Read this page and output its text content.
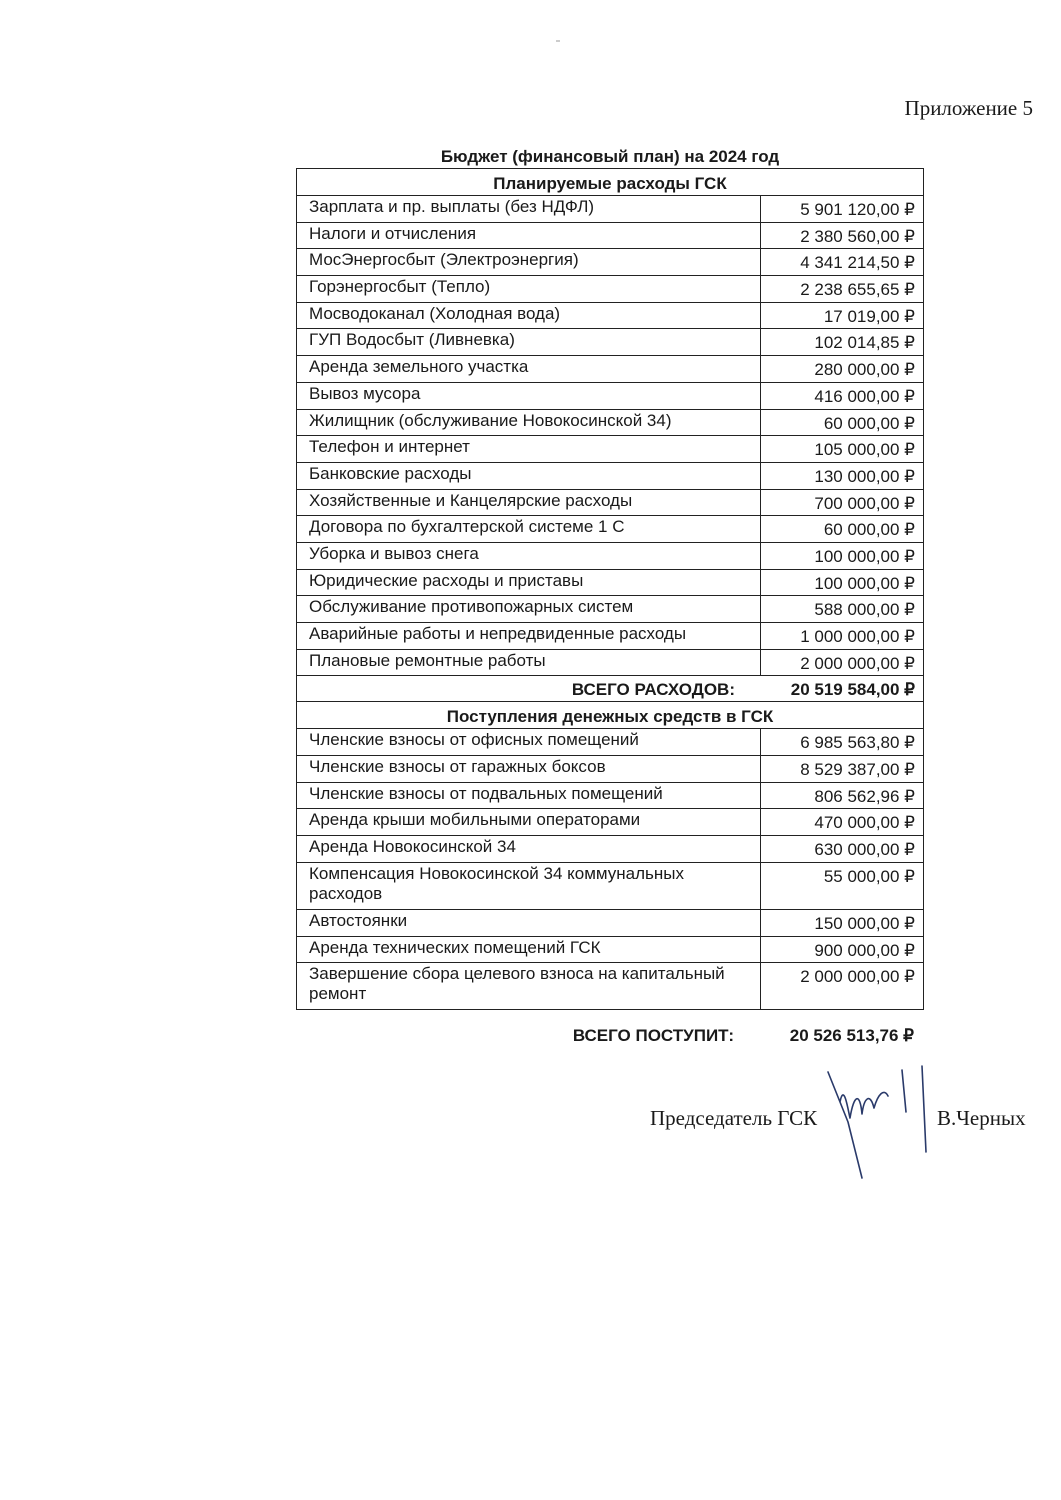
Приложение 5
Бюджет (финансовый план) на 2024 год
Планируемые расходы ГСК
Зарплата и пр. выплаты (без НДФЛ)	5 901 120,00 ₽
Налоги и отчисления	2 380 560,00 ₽
МосЭнергосбыт (Электроэнергия)	4 341 214,50 ₽
Горэнергосбыт (Тепло)	2 238 655,65 ₽
Мосводоканал (Холодная вода)	17 019,00 ₽
ГУП Водосбыт (Ливневка)	102 014,85 ₽
Аренда земельного участка	280 000,00 ₽
Вывоз мусора	416 000,00 ₽
Жилищник (обслуживание Новокосинской 34)	60 000,00 ₽
Телефон и интернет	105 000,00 ₽
Банковские расходы	130 000,00 ₽
Хозяйственные и Канцелярские расходы	700 000,00 ₽
Договора по бухгалтерской системе 1 С	60 000,00 ₽
Уборка и вывоз снега	100 000,00 ₽
Юридические расходы и приставы	100 000,00 ₽
Обслуживание противопожарных систем	588 000,00 ₽
Аварийные работы и непредвиденные расходы	1 000 000,00 ₽
Плановые ремонтные работы	2 000 000,00 ₽
ВСЕГО РАСХОДОВ:	20 519 584,00 ₽
Поступления денежных средств в ГСК
Членские взносы от офисных помещений	6 985 563,80 ₽
Членские взносы от гаражных боксов	8 529 387,00 ₽
Членские взносы от подвальных помещений	806 562,96 ₽
Аренда крыши мобильными операторами	470 000,00 ₽
Аренда Новокосинской 34	630 000,00 ₽
Компенсация Новокосинской 34 коммунальных расходов
55 000,00 ₽
Автостоянки	150 000,00 ₽
Аренда технических помещений ГСК	900 000,00 ₽
Завершение сбора целевого взноса на капитальный ремонт
2 000 000,00 ₽
ВСЕГО ПОСТУПИТ:	20 526 513,76 ₽
Председатель ГСК	В.Черных
